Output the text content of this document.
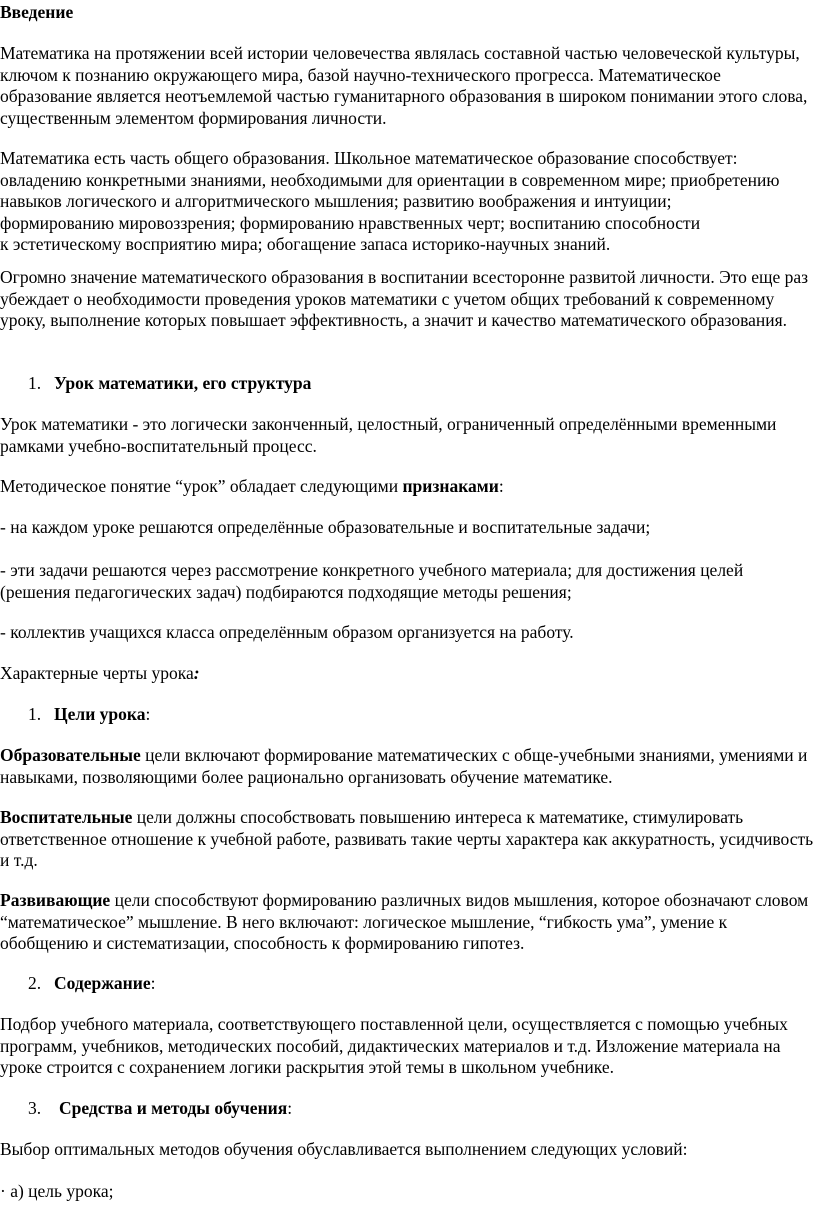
Введение

Математика на протяжении всей истории человечества являлась составной частью человеческой культуры, ключом к познанию окружающего мира, базой научно-технического прогресса. Математическое образование является неотъемлемой частью гуманитарного образования в широком понимании этого слова, существенным элементом формирования личности.

Математика есть часть общего образования. Школьное математическое образование способствует:
овладению конкретными знаниями, необходимыми для ориентации в современном мире; приобретению
навыков логического и алгоритмического мышления; развитию воображения и интуиции;
формированию мировоззрения; формированию нравственных черт; воспитанию способности
к эстетическому восприятию мира; обогащение запаса историко-научных знаний.

Огромно значение математического образования в воспитании всесторонне развитой личности. Это еще раз убеждает о необходимости проведения уроков математики с учетом общих требований к современному уроку, выполнение которых повышает эффективность, а значит и качество математического образования.

1. Урок математики, его структура

Урок математики - это логически законченный, целостный, ограниченный определёнными временными рамками учебно-воспитательный процесс.

Методическое понятие “урок” обладает следующими признаками:

- на каждом уроке решаются определённые образовательные и воспитательные задачи;

- эти задачи решаются через рассмотрение конкретного учебного материала; для достижения целей (решения педагогических задач) подбираются подходящие методы решения;

- коллектив учащихся класса определённым образом организуется на работу.

Характерные черты урока:

1. Цели урока:

Образовательные цели включают формирование математических с обще-учебными знаниями, умениями и навыками, позволяющими более рационально организовать обучение математике.

Воспитательные цели должны способствовать повышению интереса к математике, стимулировать ответственное отношение к учебной работе, развивать такие черты характера как аккуратность, усидчивость и т.д.

Развивающие цели способствуют формированию различных видов мышления, которое обозначают словом “математическое” мышление. В него включают: логическое мышление, “гибкость ума”, умение к обобщению и систематизации, способность к формированию гипотез.

2. Содержание:

Подбор учебного материала, соответствующего поставленной цели, осуществляется с помощью учебных программ, учебников, методических пособий, дидактических материалов и т.д. Изложение материала на уроке строится с сохранением логики раскрытия этой темы в школьном учебнике.

3. Средства и методы обучения:

Выбор оптимальных методов обучения обуславливается выполнением следующих условий:

· а) цель урока;
